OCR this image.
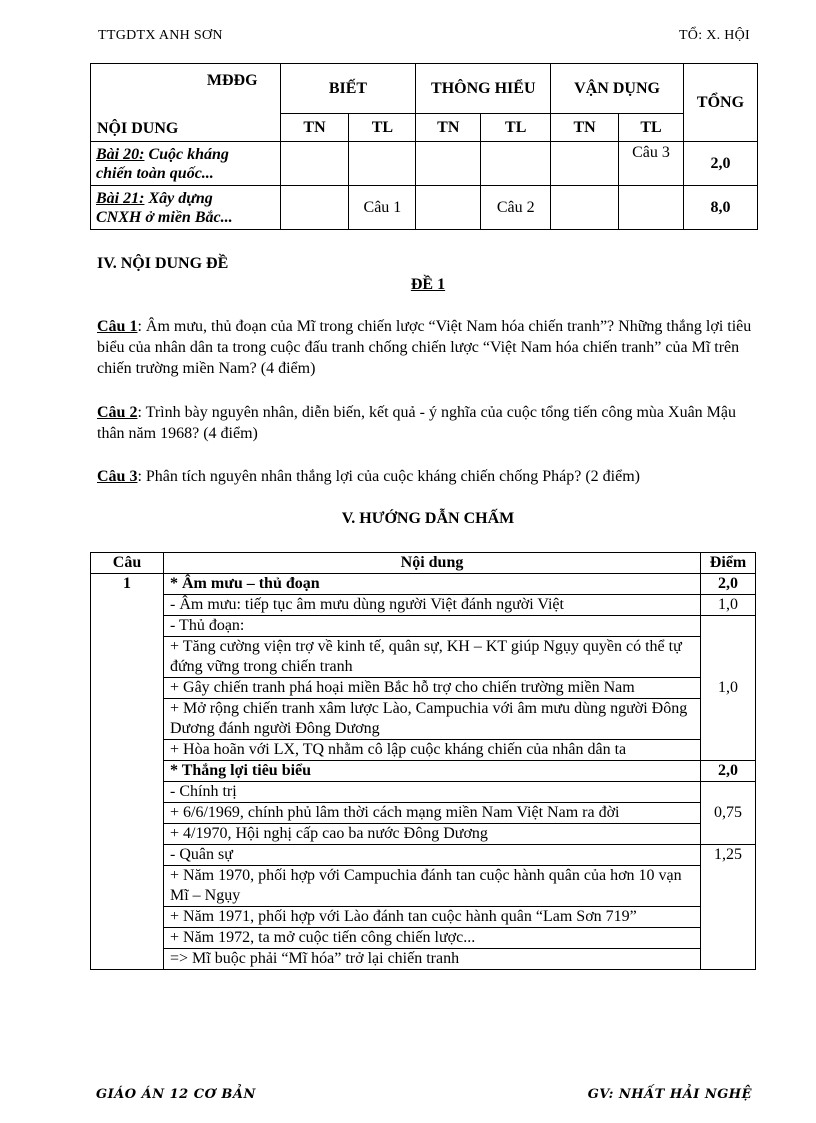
TTGDTX ANH SƠN	TỔ: X. HỘI
MĐĐG
NỘI DUNG	BIẾT		THÔNG HIỂU		VẬN DỤNG		TỔNG
	TN	TL	TN	TL	TN	TL	
Bài 20: Cuộc kháng
chiến toàn quốc...						Câu 3	2,0
Bài 21: Xây dựng
CNXH ở miền Bắc...		Câu 1		Câu 2			8,0
IV. NỘI DUNG ĐỀ
ĐỀ 1
Câu 1: Âm mưu, thủ đoạn của Mĩ trong chiến lược “Việt Nam hóa chiến tranh”? Những thắng lợi tiêu biểu của nhân dân ta trong cuộc đấu tranh chống chiến lược “Việt Nam hóa chiến tranh” của Mĩ trên chiến trường miền Nam? (4 điểm)
Câu 2: Trình bày nguyên nhân, diễn biến, kết quả - ý nghĩa của cuộc tổng tiến công mùa Xuân Mậu thân năm 1968? (4 điểm)
Câu 3: Phân tích nguyên nhân thắng lợi của cuộc kháng chiến chống Pháp? (2 điểm)
V. HƯỚNG DẪN CHẤM
Câu	Nội dung	Điểm
1	* Âm mưu – thủ đoạn	2,0
	- Âm mưu: tiếp tục âm mưu dùng người Việt đánh người Việt	1,0
	- Thủ đoạn:	1,0
	+ Tăng cường viện trợ về kinh tế, quân sự, KH – KT giúp Ngụy quyền có thể tự đứng vững trong chiến tranh	
	+ Gây chiến tranh phá hoại miền Bắc hỗ trợ cho chiến trường miền Nam	
	+ Mở rộng chiến tranh xâm lược Lào, Campuchia với âm mưu dùng người Đông Dương đánh người Đông Dương	
	+ Hòa hoãn với LX, TQ nhằm cô lập cuộc kháng chiến của nhân dân ta	
	* Thắng lợi tiêu biểu	2,0
	- Chính trị	0,75
	+ 6/6/1969, chính phủ lâm thời cách mạng miền Nam Việt Nam ra đời	
	+ 4/1970, Hội nghị cấp cao ba nước Đông Dương	
	- Quân sự	1,25
	+ Năm 1970, phối hợp với Campuchia đánh tan cuộc hành quân của hơn 10 vạn Mĩ – Ngụy	
	+ Năm 1971, phối hợp với Lào đánh tan cuộc hành quân “Lam Sơn 719”	
	+ Năm 1972, ta mở cuộc tiến công chiến lược...	
	=> Mĩ buộc phải “Mĩ hóa” trở lại chiến tranh	
GIÁO ÁN 12 CƠ BẢN	GV: NHẤT HẢI NGHỆ
